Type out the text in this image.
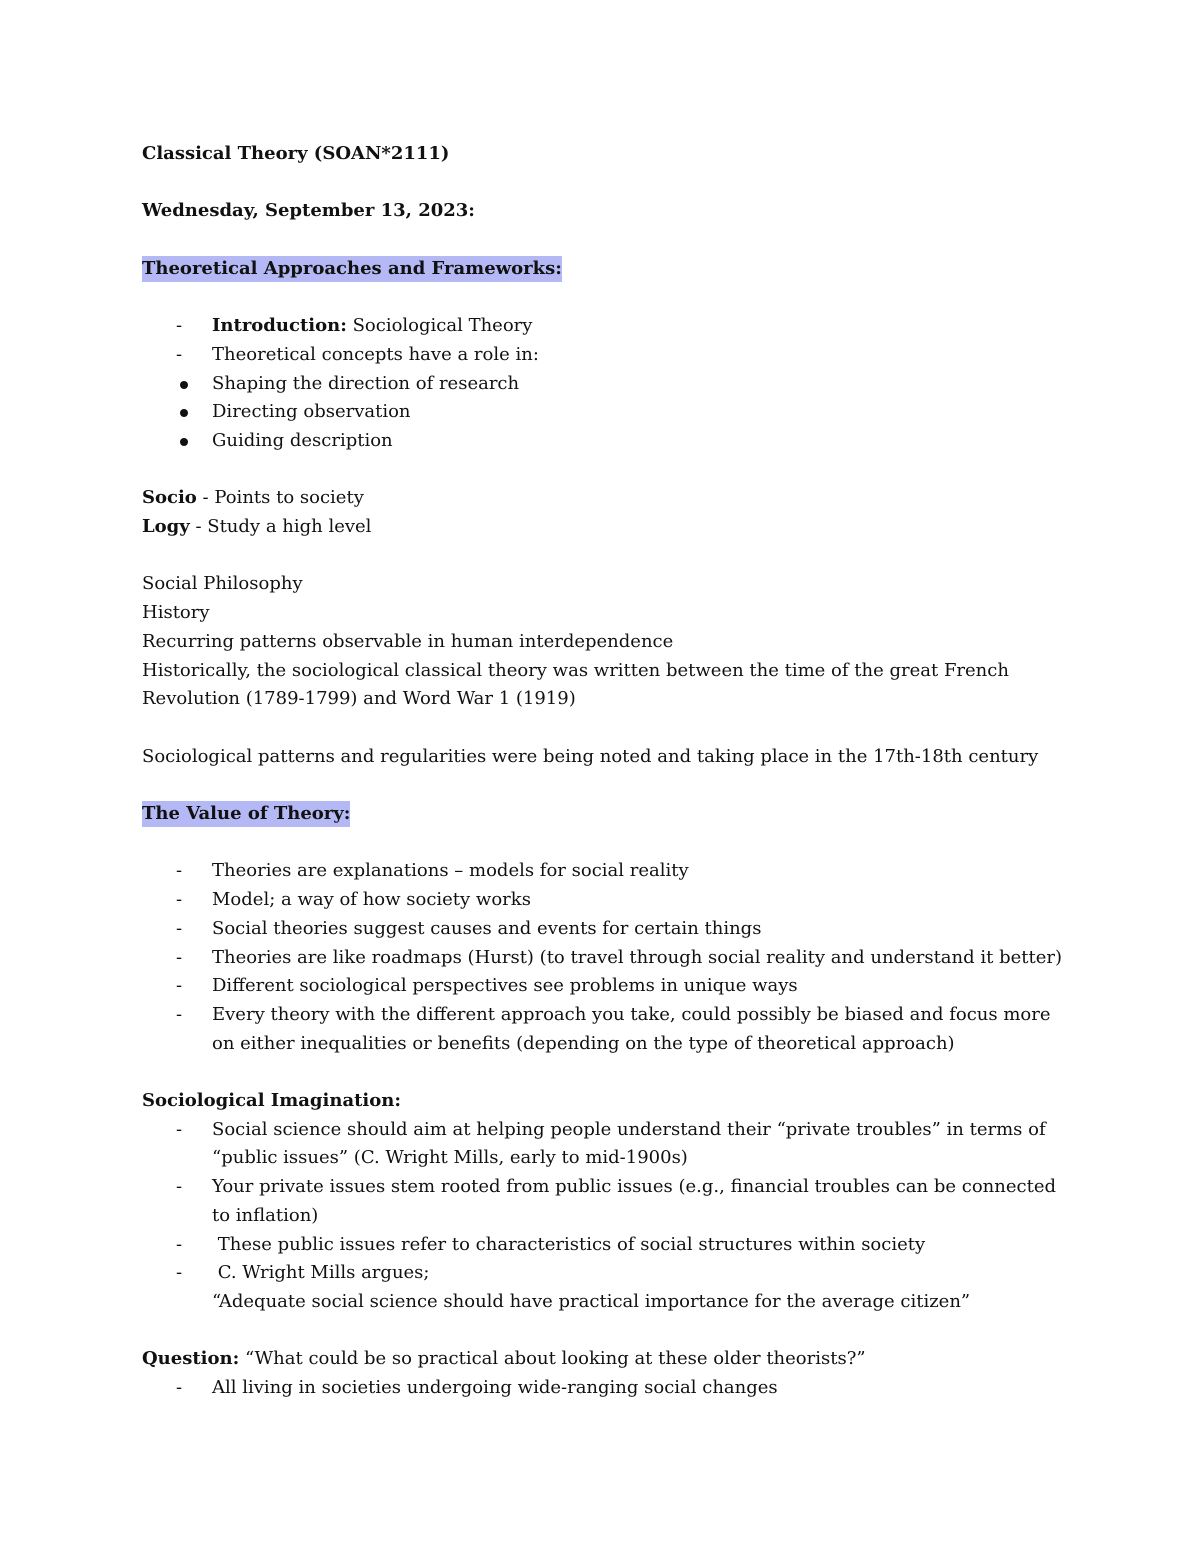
Classical Theory (SOAN*2111)
Wednesday, September 13, 2023:
Theoretical Approaches and Frameworks:
- Introduction: Sociological Theory
- Theoretical concepts have a role in:
Shaping the direction of research
Directing observation
Guiding description
Socio - Points to society
Logy - Study a high level
Social Philosophy
History
Recurring patterns observable in human interdependence
Historically, the sociological classical theory was written between the time of the great French Revolution (1789-1799) and Word War 1 (1919)
Sociological patterns and regularities were being noted and taking place in the 17th-18th century
The Value of Theory:
- Theories are explanations – models for social reality
- Model; a way of how society works
- Social theories suggest causes and events for certain things
- Theories are like roadmaps (Hurst) (to travel through social reality and understand it better)
- Different sociological perspectives see problems in unique ways
- Every theory with the different approach you take, could possibly be biased and focus more on either inequalities or benefits (depending on the type of theoretical approach)
Sociological Imagination:
- Social science should aim at helping people understand their “private troubles” in terms of “public issues” (C. Wright Mills, early to mid-1900s)
- Your private issues stem rooted from public issues (e.g., financial troubles can be connected to inflation)
- These public issues refer to characteristics of social structures within society
- C. Wright Mills argues;
“Adequate social science should have practical importance for the average citizen”
Question: “What could be so practical about looking at these older theorists?”
- All living in societies undergoing wide-ranging social changes
